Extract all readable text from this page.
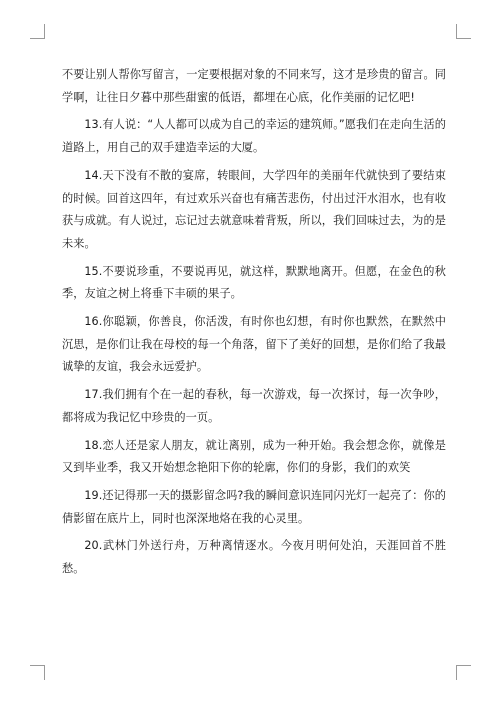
不要让别人帮你写留言，一定要根据对象的不同来写，这才是珍贵的留言。同学啊，让往日夕暮中那些甜蜜的低语，都埋在心底，化作美丽的记忆吧!

13.有人说：“人人都可以成为自己的幸运的建筑师。”愿我们在走向生活的道路上，用自己的双手建造幸运的大厦。

14.天下没有不散的宴席，转眼间，大学四年的美丽年代就快到了要结束的时候。回首这四年，有过欢乐兴奋也有痛苦悲伤，付出过汗水泪水，也有收获与成就。有人说过，忘记过去就意味着背叛，所以，我们回味过去，为的是未来。

15.不要说珍重，不要说再见，就这样，默默地离开。但愿，在金色的秋季，友谊之树上将垂下丰硕的果子。

16.你聪颖，你善良，你活泼，有时你也幻想，有时你也默然，在默然中沉思，是你们让我在母校的每一个角落，留下了美好的回想，是你们给了我最诚挚的友谊，我会永远爱护。

17.我们拥有个在一起的春秋，每一次游戏，每一次探讨，每一次争吵，都将成为我记忆中珍贵的一页。

18.恋人还是家人朋友，就让离别，成为一种开始。我会想念你，就像是又到毕业季，我又开始想念艳阳下你的轮廓，你们的身影，我们的欢笑

19.还记得那一天的摄影留念吗?我的瞬间意识连同闪光灯一起亮了：你的倩影留在底片上，同时也深深地烙在我的心灵里。

20.武林门外送行舟，万种离情逐水。今夜月明何处泊，天涯回首不胜愁。
